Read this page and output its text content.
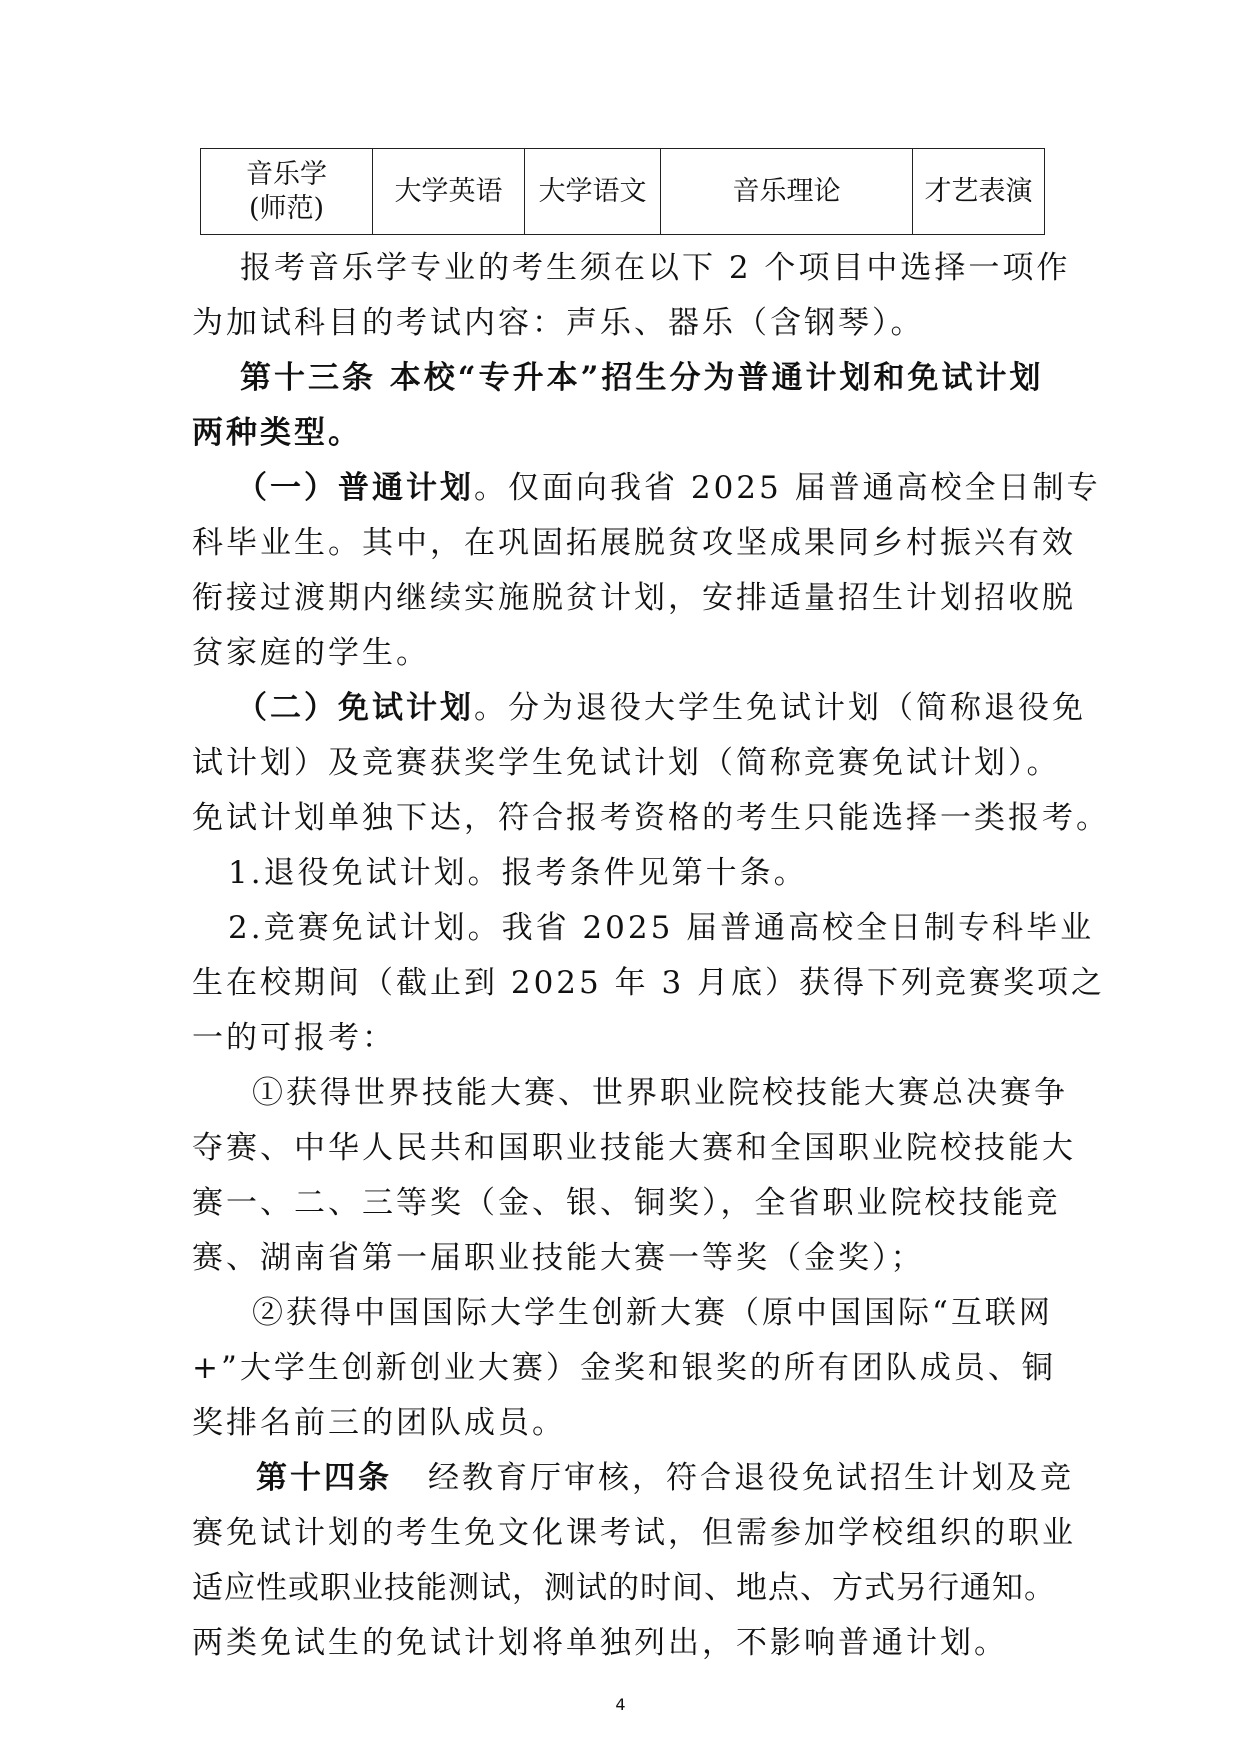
音乐学
(师范)
	大学英语	大学语文	音乐理论	才艺表演
报考音乐学专业的考生须在以下 2 个项目中选择一项作
为加试科目的考试内容：声乐、器乐（含钢琴）。
第十三条 本校“专升本”招生分为普通计划和免试计划
两种类型。
（一）普通计划。仅面向我省 2025 届普通高校全日制专
科毕业生。其中，在巩固拓展脱贫攻坚成果同乡村振兴有效
衔接过渡期内继续实施脱贫计划，安排适量招生计划招收脱
贫家庭的学生。
（二）免试计划。分为退役大学生免试计划（简称退役免
试计划）及竞赛获奖学生免试计划（简称竞赛免试计划）。
免试计划单独下达，符合报考资格的考生只能选择一类报考。
1.退役免试计划。报考条件见第十条。
2.竞赛免试计划。我省 2025 届普通高校全日制专科毕业
生在校期间（截止到 2025 年 3 月底）获得下列竞赛奖项之
一的可报考：
①获得世界技能大赛、世界职业院校技能大赛总决赛争
夺赛、中华人民共和国职业技能大赛和全国职业院校技能大
赛一、二、三等奖（金、银、铜奖），全省职业院校技能竞
赛、湖南省第一届职业技能大赛一等奖（金奖）；
②获得中国国际大学生创新大赛（原中国国际“互联网
+”大学生创新创业大赛）金奖和银奖的所有团队成员、铜
奖排名前三的团队成员。
第十四条 经教育厅审核，符合退役免试招生计划及竞
赛免试计划的考生免文化课考试，但需参加学校组织的职业
适应性或职业技能测试，测试的时间、地点、方式另行通知。
两类免试生的免试计划将单独列出，不影响普通计划。
4
